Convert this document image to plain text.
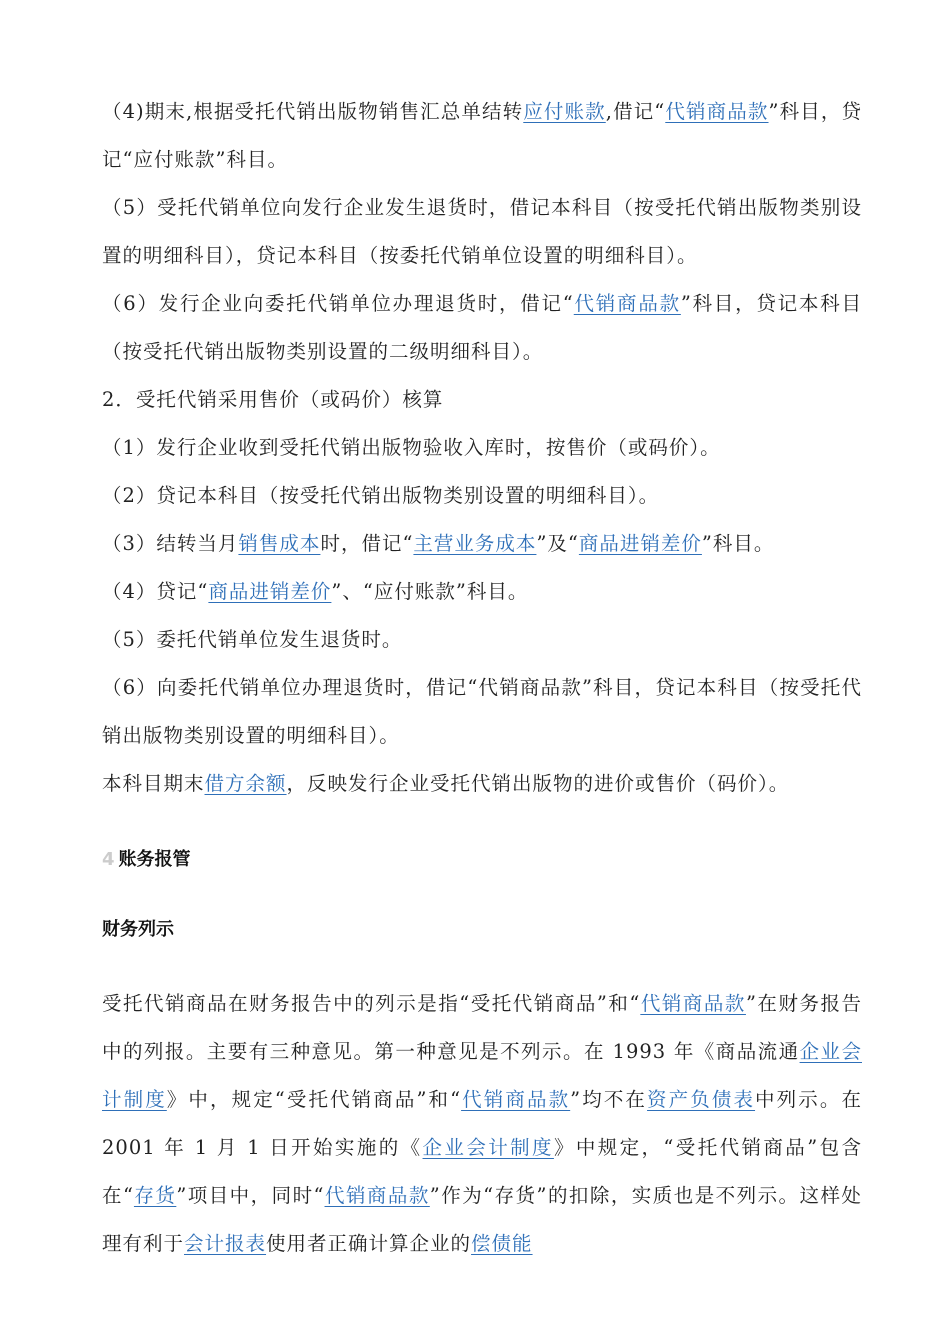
（4)期末,根据受托代销出版物销售汇总单结转应付账款,借记“代销商品款”科目，贷记“应付账款”科目。

（5）受托代销单位向发行企业发生退货时，借记本科目（按受托代销出版物类别设置的明细科目），贷记本科目（按委托代销单位设置的明细科目）。

（6）发行企业向委托代销单位办理退货时，借记“代销商品款”科目，贷记本科目（按受托代销出版物类别设置的二级明细科目）。

2．受托代销采用售价（或码价）核算

（1）发行企业收到受托代销出版物验收入库时，按售价（或码价）。

（2）贷记本科目（按受托代销出版物类别设置的明细科目）。

（3）结转当月销售成本时，借记“主营业务成本”及“商品进销差价”科目。

（4）贷记“商品进销差价”、“应付账款”科目。

（5）委托代销单位发生退货时。

（6）向委托代销单位办理退货时，借记“代销商品款”科目，贷记本科目（按受托代销出版物类别设置的明细科目）。

本科目期末借方余额，反映发行企业受托代销出版物的进价或售价（码价）。

4 账务报管
财务列示

受托代销商品在财务报告中的列示是指“受托代销商品”和“代销商品款”在财务报告中的列报。主要有三种意见。第一种意见是不列示。在 1993 年《商品流通企业会计制度》中，规定“受托代销商品”和“代销商品款”均不在资产负债表中列示。在 2001 年 1 月 1 日开始实施的《企业会计制度》中规定，“受托代销商品”包含在“存货”项目中，同时“代销商品款”作为“存货”的扣除，实质也是不列示。这样处理有利于会计报表使用者正确计算企业的偿债能
